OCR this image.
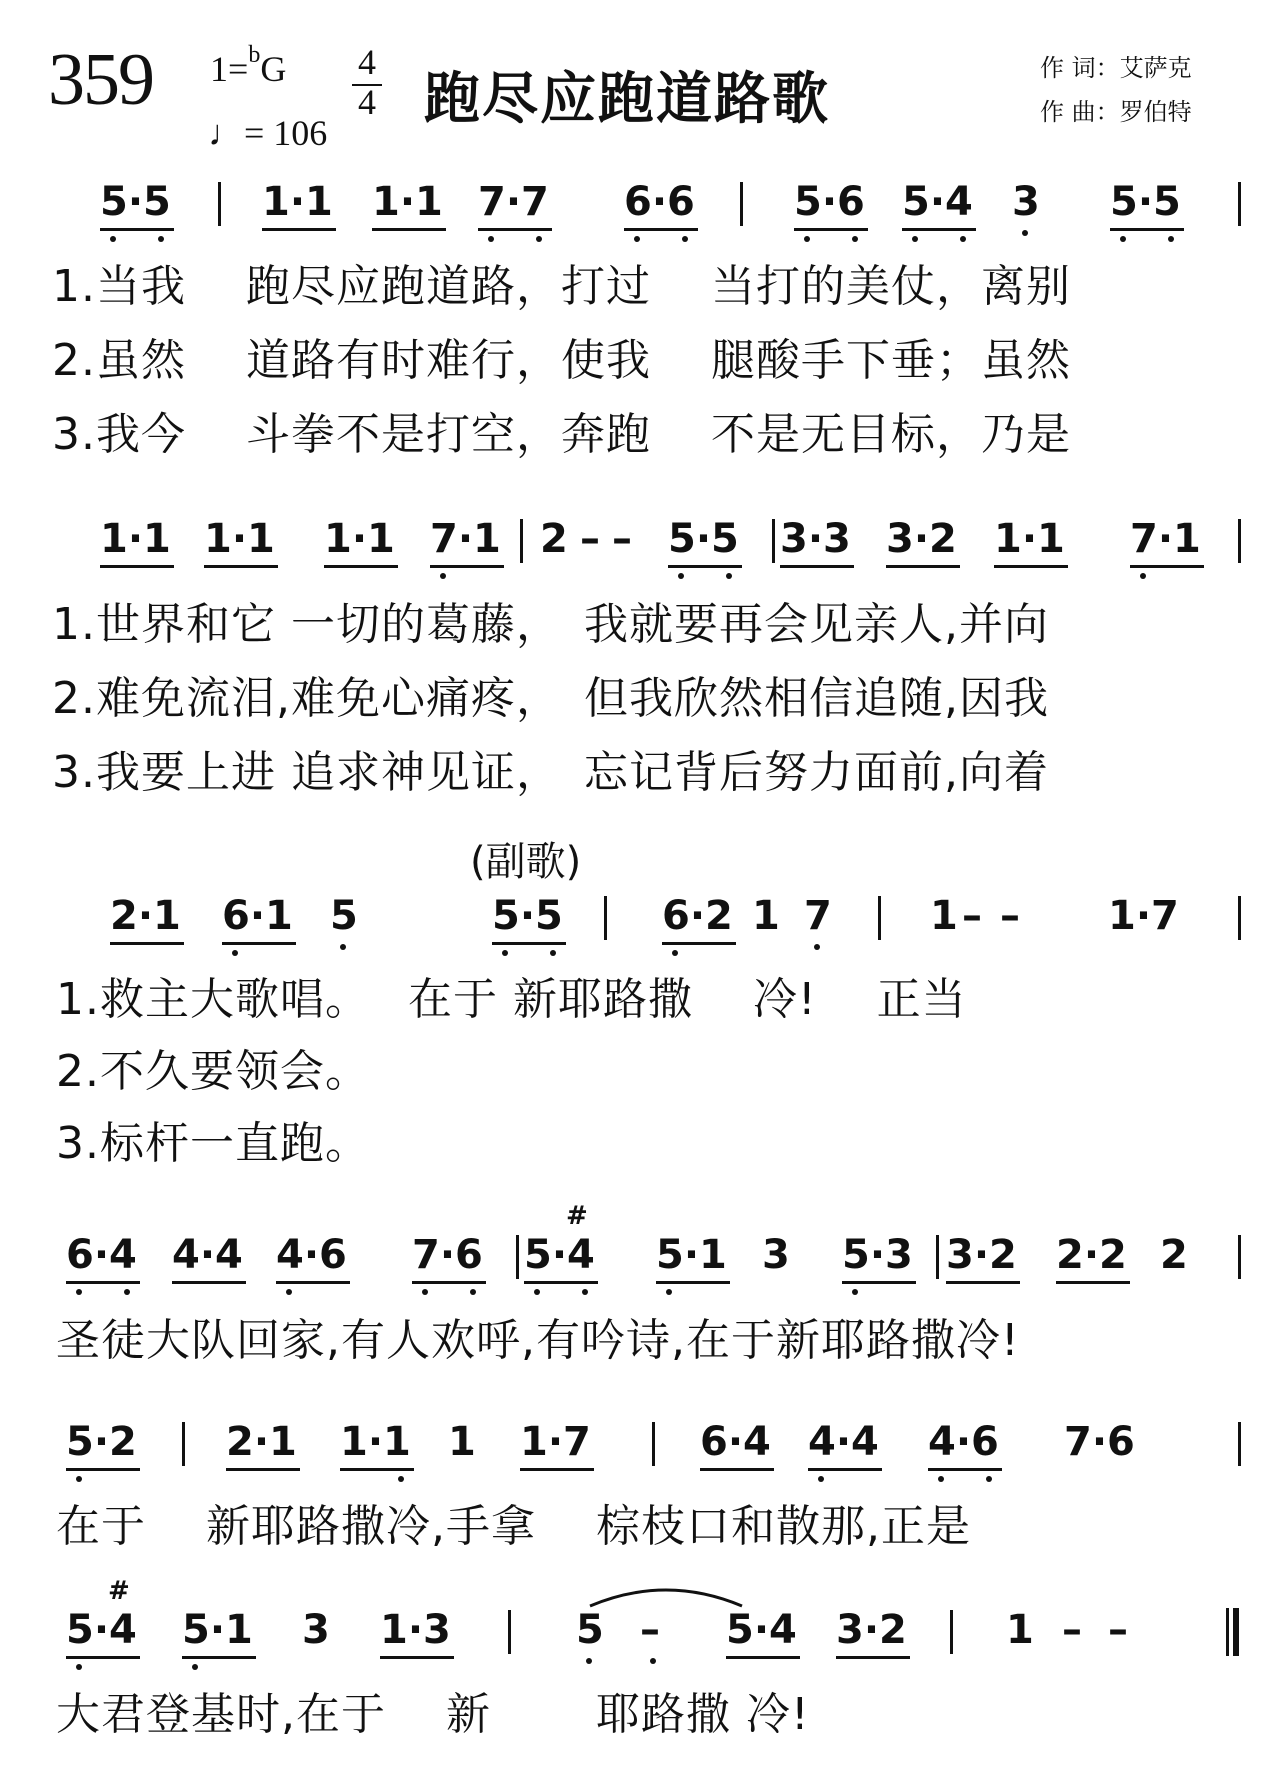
359 1=$^b$G
♩= 106
4
4 跑尽应跑道路歌	作 词：艾萨克
作 曲：罗伯特
5·5 1·1 1·1 7·7 6·6 5·6 5·4 3 5·5
1.当我　 跑尽应跑道路，打过　 当打的美仗，离别
2.虽然　 道路有时难行，使我　 腿酸手下垂；虽然
3.我今　 斗拳不是打空，奔跑　 不是无目标，乃是
1·1 1·1 1·1 7·1 2 – – 5·5 3·3 3·2 1·1 7·1
1.世界和它 一切的葛藤，　我就要再会见亲人,并向
2.难免流泪,难免心痛疼，　但我欣然相信追随,因我
3.我要上进 追求神见证，　忘记背后努力面前,向着
(副歌)
2·1 6·1 5	5·5 6·2 1 7 1 – – 1·7
1.救主大歌唱。　 在于 新耶路撒　 冷!　 正当
2.不久要领会。
3.标杆一直跑。
6·4 4·4 4·6 7·6 5·4
#
5·1 3 5·3 3·2 2·2 2
圣徒大队回家,有人欢呼,有吟诗,在于新耶路撒冷!
5·2 2·1 1·1 1 1·7	6·4 4·4 4·6 7·6
在于　 新耶路撒冷,手拿　 棕枝口和散那,正是
5·4
#
5·1 3 1·3	5 – 5·4 3·2 1 – –
大君登基时,在于　 新　　 耶路撒 冷!
